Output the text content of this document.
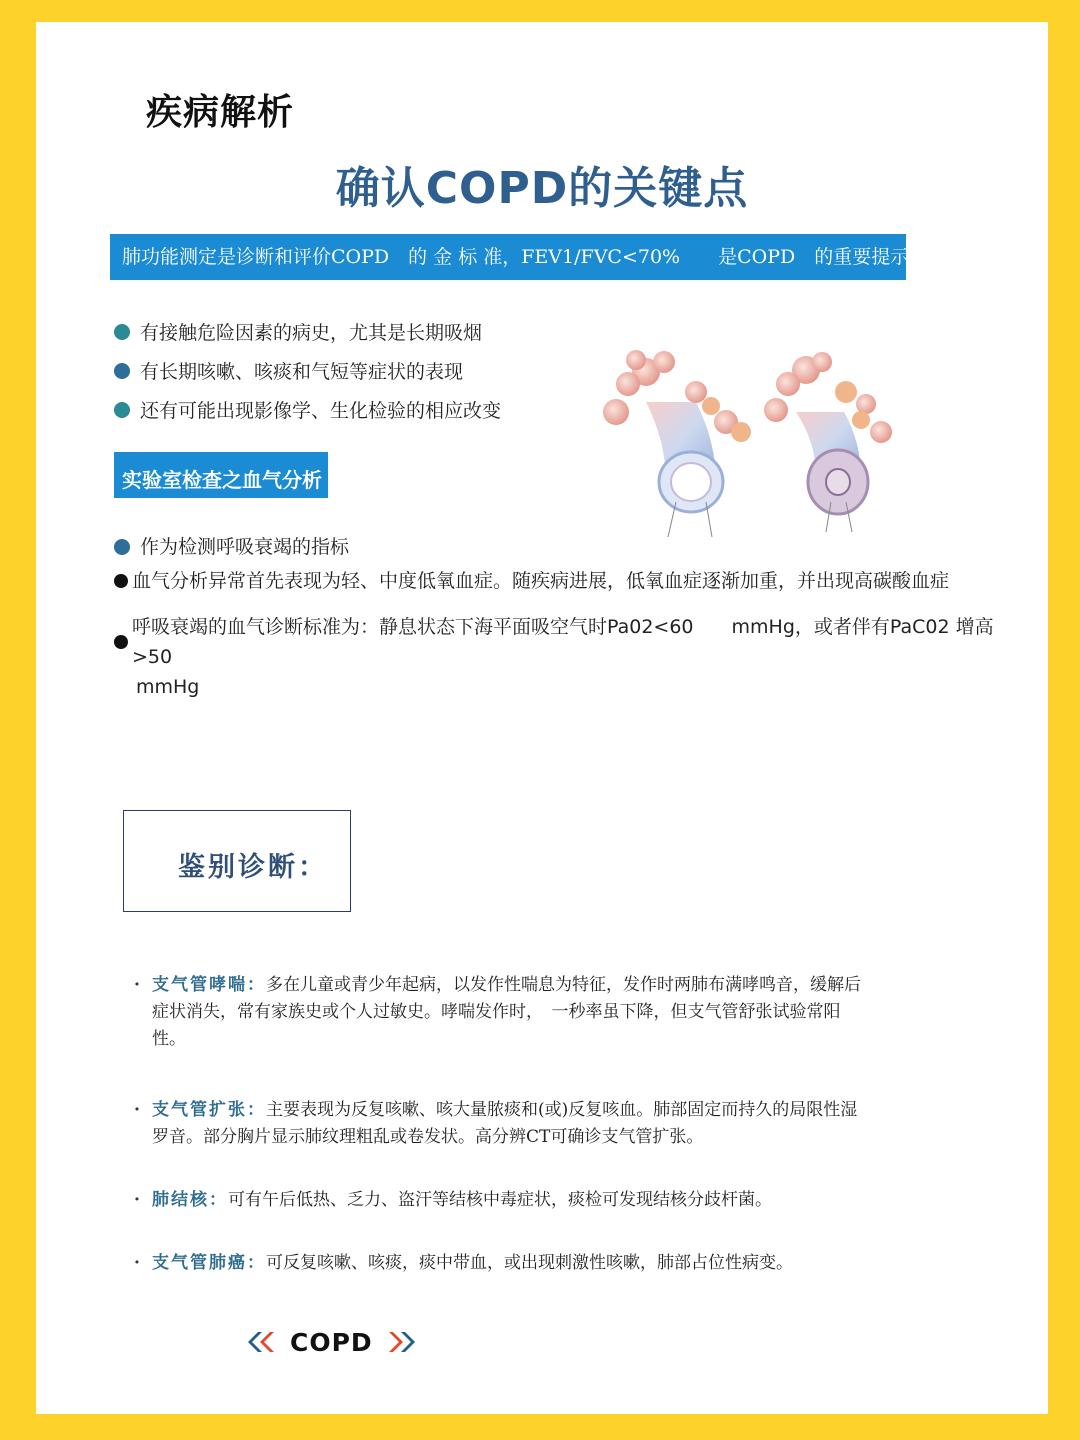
疾病解析
确认COPD的关键点
肺功能测定是诊断和评价COPD　的 金 标 准，FEV1/FVC<70%　　是COPD　的重要提示
有接触危险因素的病史，尤其是长期吸烟
有长期咳嗽、咳痰和气短等症状的表现
还有可能出现影像学、生化检验的相应改变
实验室检查之血气分析
作为检测呼吸衰竭的指标
血气分析异常首先表现为轻、中度低氧血症。随疾病进展，低氧血症逐渐加重，并出现高碳酸血症
呼吸衰竭的血气诊断标准为：静息状态下海平面吸空气时Pa02<60　　mmHg，或者伴有PaC02 增高>50
mmHg
鉴别诊断：
· 支气管哮喘：多在儿童或青少年起病，以发作性喘息为特征，发作时两肺布满哮鸣音，缓解后症状消失，常有家族史或个人过敏史。哮喘发作时，　一秒率虽下降，但支气管舒张试验常阳性。
· 支气管扩张：主要表现为反复咳嗽、咳大量脓痰和(或)反复咳血。肺部固定而持久的局限性湿罗音。部分胸片显示肺纹理粗乱或卷发状。高分辨CT可确诊支气管扩张。
· 肺结核：可有午后低热、乏力、盗汗等结核中毒症状，痰检可发现结核分歧杆菌。
· 支气管肺癌：可反复咳嗽、咳痰，痰中带血，或出现刺激性咳嗽，肺部占位性病变。
COPD
